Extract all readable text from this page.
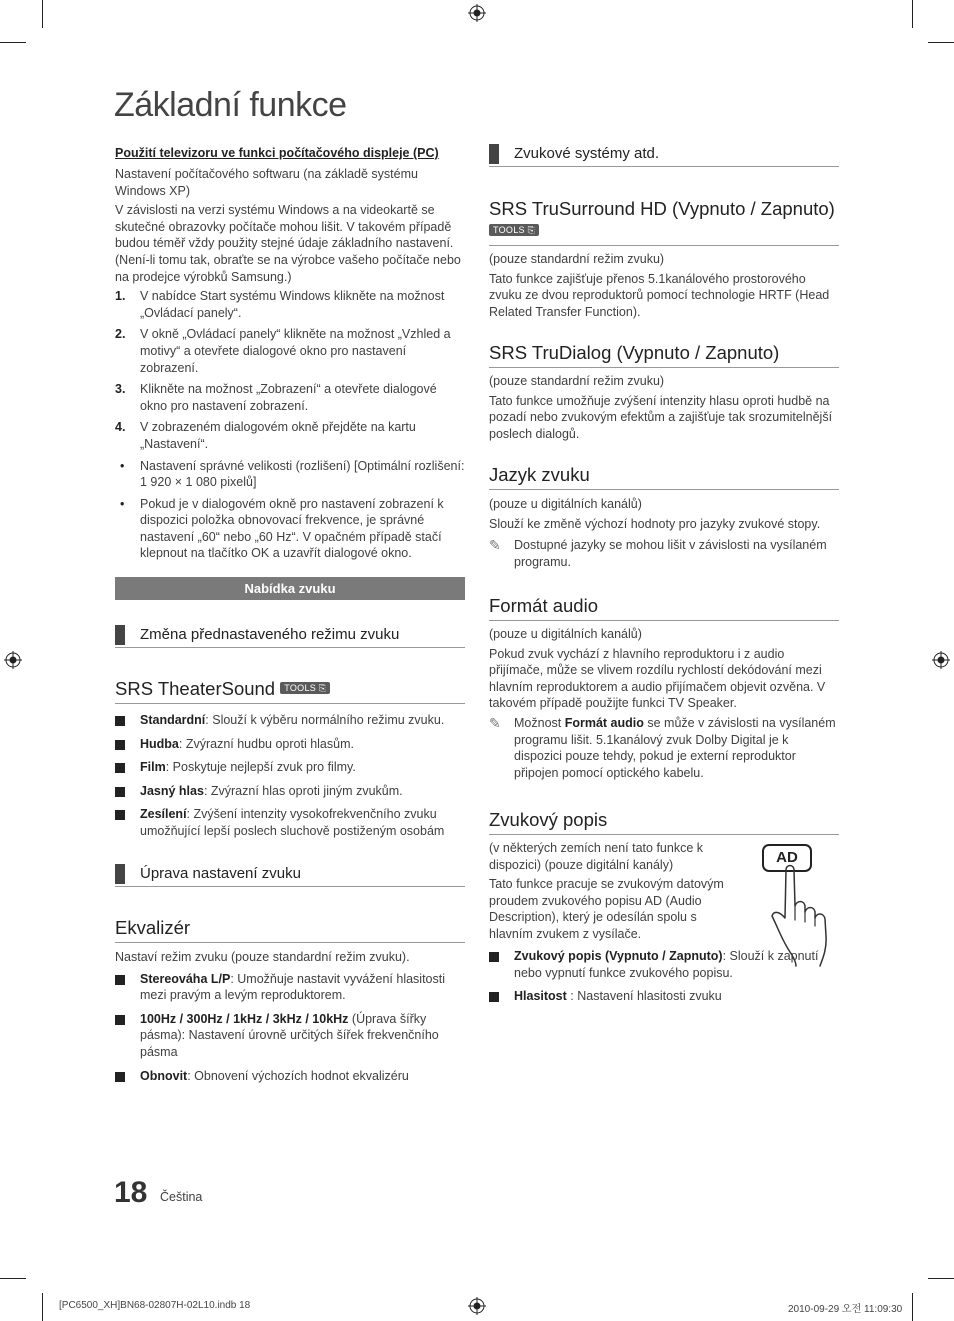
Základní funkce
Použití televizoru ve funkci počítačového displeje (PC)

Nastavení počítačového softwaru (na základě systému Windows XP)

V závislosti na verzi systému Windows a na videokartě se skutečné obrazovky počítače mohou lišit. V takovém případě budou téměř vždy použity stejné údaje základního nastavení. (Není-li tomu tak, obraťte se na výrobce vašeho počítače nebo na prodejce výrobků Samsung.)

1. V nabídce Start systému Windows klikněte na možnost „Ovládací panely“.
2. V okně „Ovládací panely“ klikněte na možnost „Vzhled a motivy“ a otevřete dialogové okno pro nastavení zobrazení.
3. Klikněte na možnost „Zobrazení“ a otevřete dialogové okno pro nastavení zobrazení.
4. V zobrazeném dialogovém okně přejděte na kartu „Nastavení“.
• Nastavení správné velikosti (rozlišení) [Optimální rozlišení: 1 920 × 1 080 pixelů]
• Pokud je v dialogovém okně pro nastavení zobrazení k dispozici položka obnovovací frekvence, je správné nastavení „60“ nebo „60 Hz“. V opačném případě stačí klepnout na tlačítko OK a uzavřít dialogové okno.
Nabídka zvuku
Změna přednastaveného režimu zvuku
SRS TheaterSound TOOLS ⎘
Standardní: Slouží k výběru normálního režimu zvuku.
Hudba: Zvýrazní hudbu oproti hlasům.
Film: Poskytuje nejlepší zvuk pro filmy.
Jasný hlas: Zvýrazní hlas oproti jiným zvukům.
Zesílení: Zvýšení intenzity vysokofrekvenčního zvuku umožňující lepší poslech sluchově postiženým osobám
Úprava nastavení zvuku
Ekvalizér

Nastaví režim zvuku (pouze standardní režim zvuku).

Stereováha L/P: Umožňuje nastavit vyvážení hlasitosti mezi pravým a levým reproduktorem.
100Hz / 300Hz / 1kHz / 3kHz / 10kHz (Úprava šířky pásma): Nastavení úrovně určitých šířek frekvenčního pásma
Obnovit: Obnovení výchozích hodnot ekvalizéru
Zvukové systémy atd.
SRS TruSurround HD (Vypnuto / Zapnuto)
TOOLS ⎘

(pouze standardní režim zvuku)

Tato funkce zajišťuje přenos 5.1kanálového prostorového zvuku ze dvou reproduktorů pomocí technologie HRTF (Head Related Transfer Function).

SRS TruDialog (Vypnuto / Zapnuto)

(pouze standardní režim zvuku)

Tato funkce umožňuje zvýšení intenzity hlasu oproti hudbě na pozadí nebo zvukovým efektům a zajišťuje tak srozumitelnější poslech dialogů.

Jazyk zvuku

(pouze u digitálních kanálů)

Slouží ke změně výchozí hodnoty pro jazyky zvukové stopy.

✎ Dostupné jazyky se mohou lišit v závislosti na vysílaném programu.
Formát audio

(pouze u digitálních kanálů)

Pokud zvuk vychází z hlavního reproduktoru i z audio přijímače, může se vlivem rozdílu rychlostí dekódování mezi hlavním reproduktorem a audio přijímačem objevit ozvěna. V takovém případě použijte funkci TV Speaker.

✎ Možnost Formát audio se může v závislosti na vysílaném programu lišit. 5.1kanálový zvuk Dolby Digital je k dispozici pouze tehdy, pokud je externí reproduktor připojen pomocí optického kabelu.
Zvukový popis

(v některých zemích není tato funkce k dispozici) (pouze digitální kanály)

Tato funkce pracuje se zvukovým datovým proudem zvukového popisu AD (Audio Description), který je odesílán spolu s hlavním zvukem z vysílače.

AD
Zvukový popis (Vypnuto / Zapnuto): Slouží k zapnutí nebo vypnutí funkce zvukového popisu.
Hlasitost : Nastavení hlasitosti zvuku
18 Čeština
[PC6500_XH]BN68-02807H-02L10.indb 18	2010-09-29 오전 11:09:30
